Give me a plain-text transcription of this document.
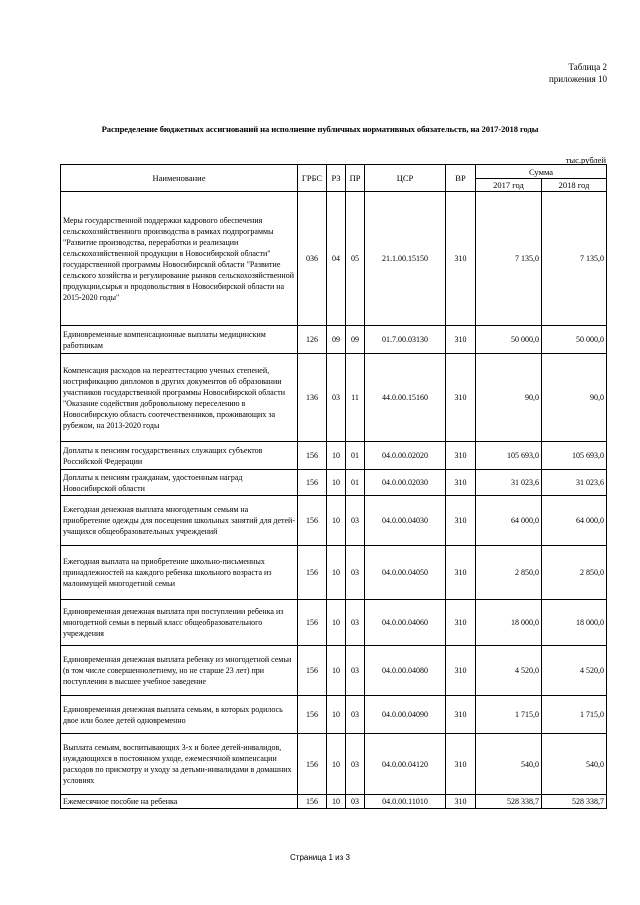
Таблица 2
приложения 10
Распределение бюджетных ассигнований на исполнение публичных нормативных обязательств, на 2017-2018 годы
тыс.рублей
Наименование	ГРБС	РЗ	ПР	ЦСР	ВР	Сумма	
						2017 год	2018 год
Меры государственной поддержки кадрового обеспечения сельскохозяйственного производства в рамках подпрограммы "Развитие производства, переработки и реализации сельскохозяйственной продукции в Новосибирской области" государственной программы Новосибирской области "Развитие сельского хозяйства и регулирование рынков сельскохозяйственной продукции,сырья и продовольствия в Новосибирской области на 2015-2020 годы"	036	04	05	21.1.00.15150	310	7 135,0	7 135,0
Единовременные компенсационные выплаты медицинским работникам	126	09	09	01.7.00.03130	310	50 000,0	50 000,0
Компенсация расходов на переаттестацию ученых степеней, нострификацию дипломов в других документов об образовании участников государственной программы Новосибирской области "Оказание содействия добровольному переселению в Новосибирскую область соотечественников, проживающих за рубежом, на 2013-2020 годы	136	03	11	44.0.00.15160	310	90,0	90,0
Доплаты к пенсиям государственных служащих субъектов Российской Федерации	156	10	01	04.0.00.02020	310	105 693,0	105 693,0
Доплаты к пенсиям гражданам, удостоенным наград Новосибирской области	156	10	01	04.0.00.02030	310	31 023,6	31 023,6
Ежегодная денежная выплата многодетным семьям на приобретение одежды для посещения школьных занятий для детей-учащихся общеобразовательных учреждений	156	10	03	04.0.00.04030	310	64 000,0	64 000,0
Ежегодная выплата на приобретение школьно-письменных принадлежностей на каждого ребенка школьного возраста из малоимущей многодетной семьи	156	10	03	04.0.00.04050	310	2 850,0	2 850,0
Единовременная денежная выплата при поступлении ребенка из многодетной семьи в первый класс общеобразовательного учреждения	156	10	03	04.0.00.04060	310	18 000,0	18 000,0
Единовременная денежная выплата ребенку из многодетной семьи (в том числе совершеннолетнему, но не старше 23 лет) при поступлении в высшее учебное заведение	156	10	03	04.0.00.04080	310	4 520,0	4 520,0
Единовременная денежная выплата семьям, в которых родилось двое или более детей одновременно	156	10	03	04.0.00.04090	310	1 715,0	1 715,0
Выплата семьям, воспитывающих 3-х и более детей-инвалидов, нуждающихся в постоянном уходе, ежемесячной компенсации расходов по присмотру и уходу за детьми-инвалидами в домашних условиях	156	10	03	04.0.00.04120	310	540,0	540,0
Ежемесячное пособие на ребенка	156	10	03	04.0.00.11010	310	528 338,7	528 338,7
Страница 1 из 3
